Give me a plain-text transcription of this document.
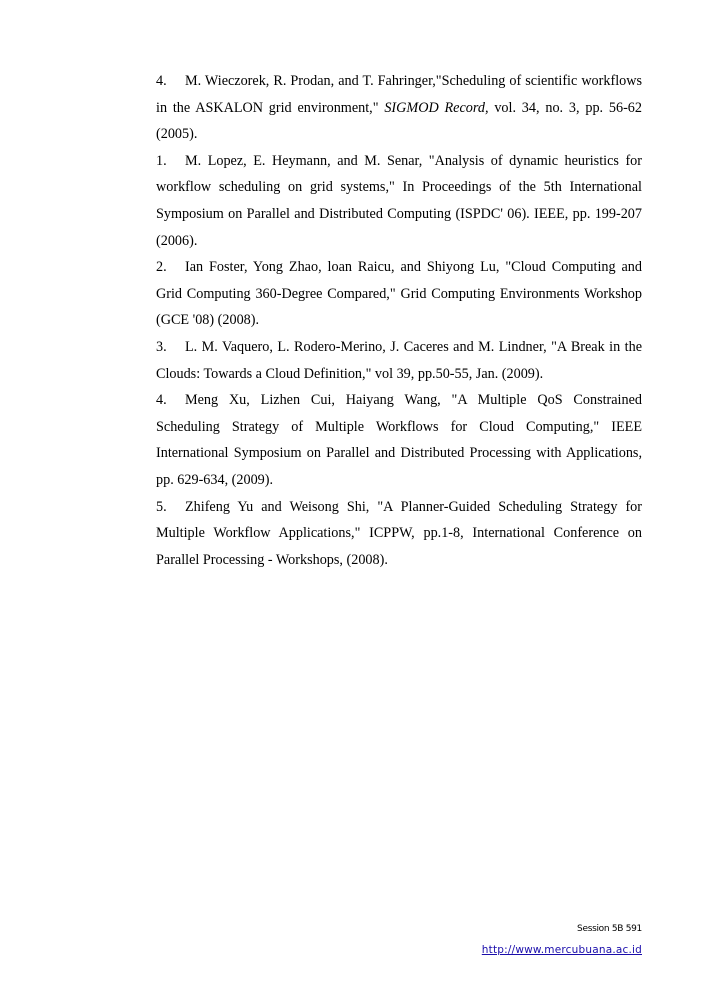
4. M. Wieczorek, R. Prodan, and T. Fahringer,"Scheduling of scientific workflows in the ASKALON grid environment," SIGMOD Record, vol. 34, no. 3, pp. 56-62 (2005).

1. M. Lopez, E. Heymann, and M. Senar, "Analysis of dynamic heuristics for workflow scheduling on grid systems," In Proceedings of the 5th International Symposium on Parallel and Distributed Computing (ISPDC' 06). IEEE, pp. 199-207 (2006).

2. Ian Foster, Yong Zhao, loan Raicu, and Shiyong Lu, "Cloud Computing and Grid Computing 360-Degree Compared," Grid Computing Environments Workshop (GCE '08) (2008).

3. L. M. Vaquero, L. Rodero-Merino, J. Caceres and M. Lindner, "A Break in the Clouds: Towards a Cloud Definition," vol 39, pp.50-55, Jan. (2009).

4. Meng Xu, Lizhen Cui, Haiyang Wang, "A Multiple QoS Constrained Scheduling Strategy of Multiple Workflows for Cloud Computing," IEEE International Symposium on Parallel and Distributed Processing with Applications, pp. 629-634, (2009).

5. Zhifeng Yu and Weisong Shi, "A Planner-Guided Scheduling Strategy for Multiple Workflow Applications," ICPPW, pp.1-8, International Conference on Parallel Processing - Workshops, (2008).

Session 5B 591
http://www.mercubuana.ac.id
